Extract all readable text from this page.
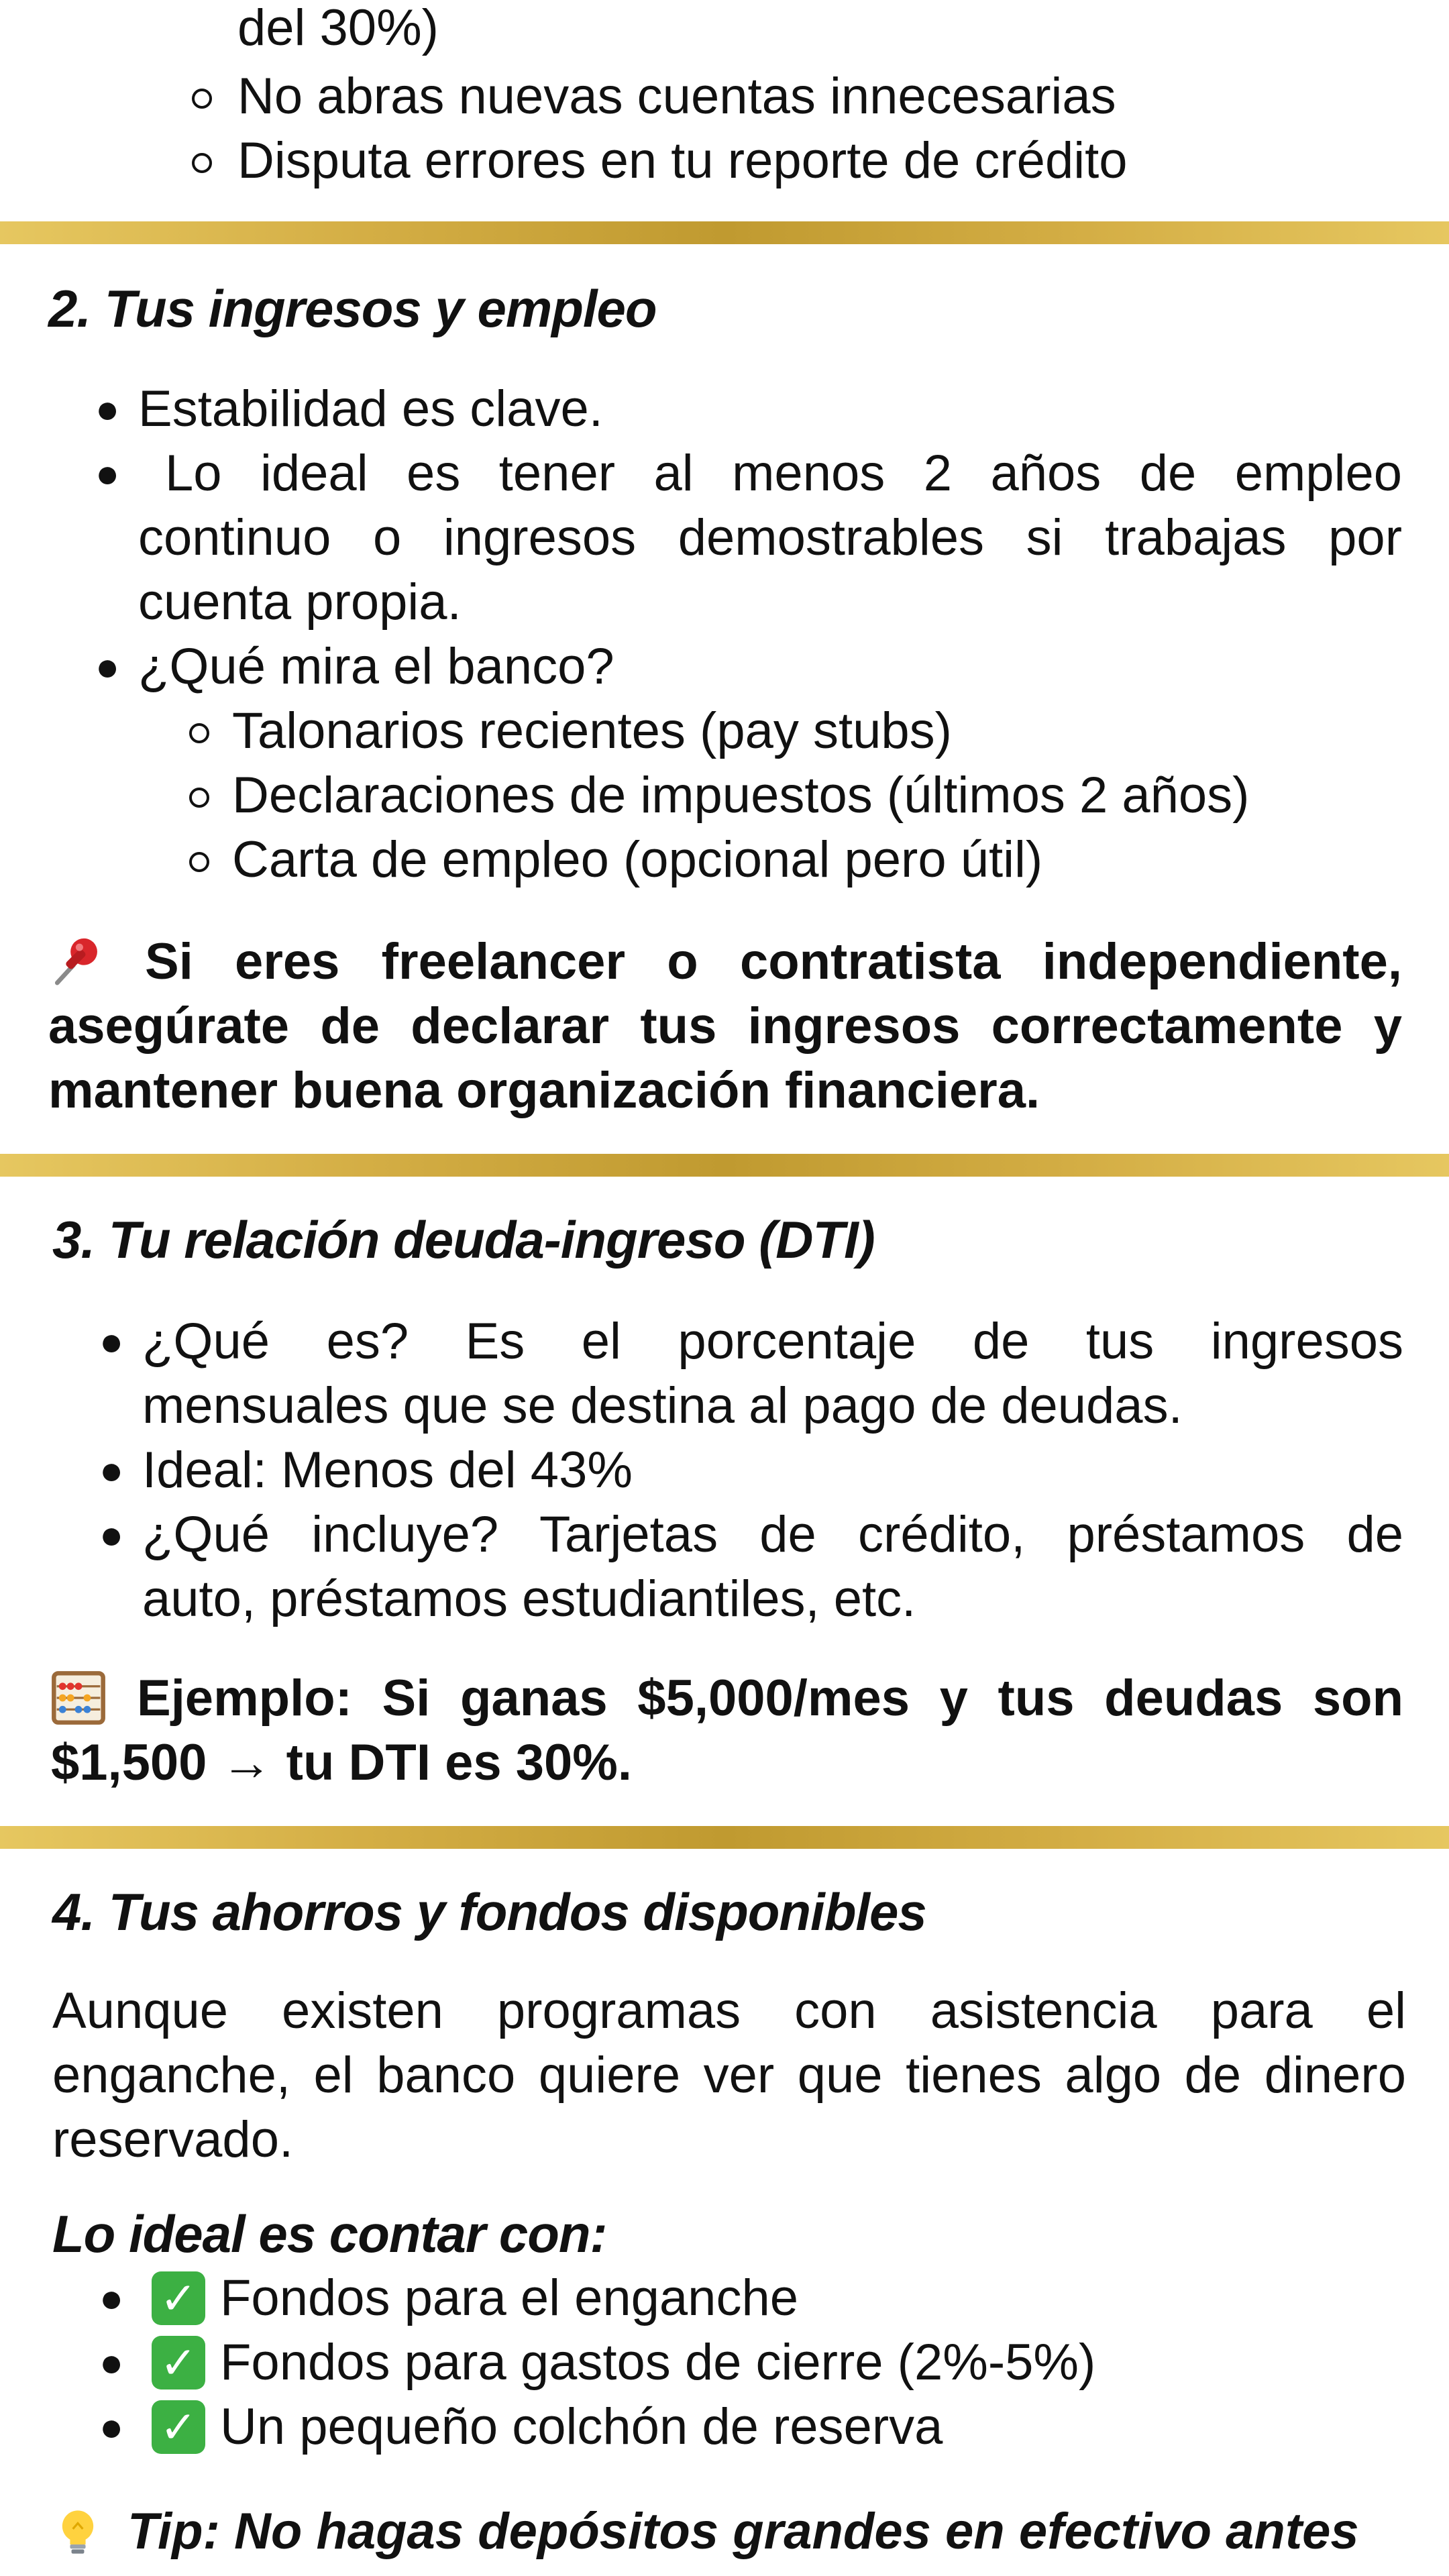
del 30%)
No abras nuevas cuentas innecesarias
Disputa errores en tu reporte de crédito
2. Tus ingresos y empleo
● Estabilidad es clave.
● Lo ideal es tener al menos 2 años de empleo
continuo o ingresos demostrables si trabajas por
cuenta propia.
● ¿Qué mira el banco?
Talonarios recientes (pay stubs)
Declaraciones de impuestos (últimos 2 años)
Carta de empleo (opcional pero útil)
Si eres freelancer o contratista independiente,
asegúrate de declarar tus ingresos correctamente y
mantener buena organización financiera.
3. Tu relación deuda-ingreso (DTI)
● ¿Qué es? Es el porcentaje de tus ingresos
mensuales que se destina al pago de deudas.
● Ideal: Menos del 43%
● ¿Qué incluye? Tarjetas de crédito, préstamos de
auto, préstamos estudiantiles, etc.
Ejemplo: Si ganas $5,000/mes y tus deudas son
$1,500 → tu DTI es 30%.
4. Tus ahorros y fondos disponibles
Aunque existen programas con asistencia para el
enganche, el banco quiere ver que tienes algo de dinero
reservado.
Lo ideal es contar con:
● ✓ Fondos para el enganche
● ✓ Fondos para gastos de cierre (2%-5%)
● ✓ Un pequeño colchón de reserva
Tip: No hagas depósitos grandes en efectivo antes
